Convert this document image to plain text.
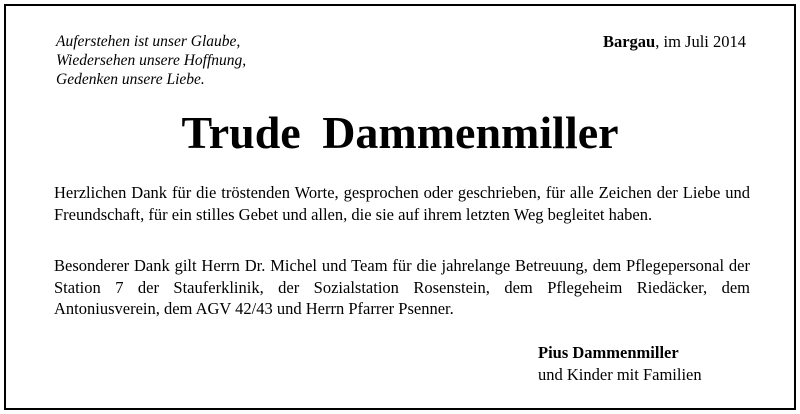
Auferstehen ist unser Glaube,
Wiedersehen unsere Hoffnung,
Gedenken unsere Liebe.
Bargau, im Juli 2014
Trude Dammenmiller
Herzlichen Dank für die tröstenden Worte, gesprochen oder geschrieben, für alle Zeichen der Liebe und Freundschaft, für ein stilles Gebet und allen, die sie auf ihrem letzten Weg begleitet haben.
Besonderer Dank gilt Herrn Dr. Michel und Team für die jahrelange Betreuung, dem Pflegepersonal der Station 7 der Stauferklinik, der Sozialstation Rosenstein, dem Pflegeheim Riedäcker, dem Antoniusverein, dem AGV 42/43 und Herrn Pfarrer Psenner.
Pius Dammenmiller
und Kinder mit Familien
